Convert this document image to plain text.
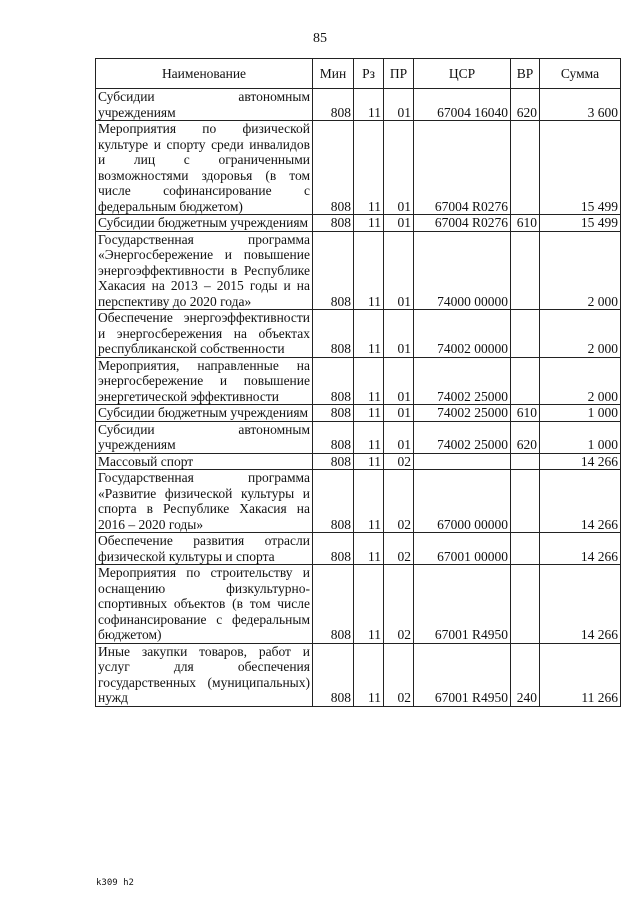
85
Наименование	Мин	Рз	ПР	ЦСР	ВР	Сумма
Субсидии автономным учреждениям	808	11	01	67004 16040	620	3 600
Мероприятия по физической культуре и спорту среди инвалидов и лиц с ограниченными возможностями здоровья (в том числе софинансирование с федеральным бюджетом)	808	11	01	67004 R0276		15 499
Субсидии бюджетным учреждениям	808	11	01	67004 R0276	610	15 499
Государственная программа «Энергосбережение и повышение энергоэффективности в Республике Хакасия на 2013 – 2015 годы и на перспективу до 2020 года»	808	11	01	74000 00000		2 000
Обеспечение энергоэффективности и энергосбережения на объектах республиканской собственности	808	11	01	74002 00000		2 000
Мероприятия, направленные на энергосбережение и повышение энергетической эффективности	808	11	01	74002 25000		2 000
Субсидии бюджетным учреждениям	808	11	01	74002 25000	610	1 000
Субсидии автономным учреждениям	808	11	01	74002 25000	620	1 000
Массовый спорт	808	11	02			14 266
Государственная программа «Развитие физической культуры и спорта в Республике Хакасия на 2016 – 2020 годы»	808	11	02	67000 00000		14 266
Обеспечение развития отрасли физической культуры и спорта	808	11	02	67001 00000		14 266
Мероприятия по строительству и оснащению физкультурно-спортивных объектов (в том числе софинансирование с федеральным бюджетом)	808	11	02	67001 R4950		14 266
Иные закупки товаров, работ и услуг для обеспечения государственных (муниципальных) нужд	808	11	02	67001 R4950	240	11 266
k309 h2
